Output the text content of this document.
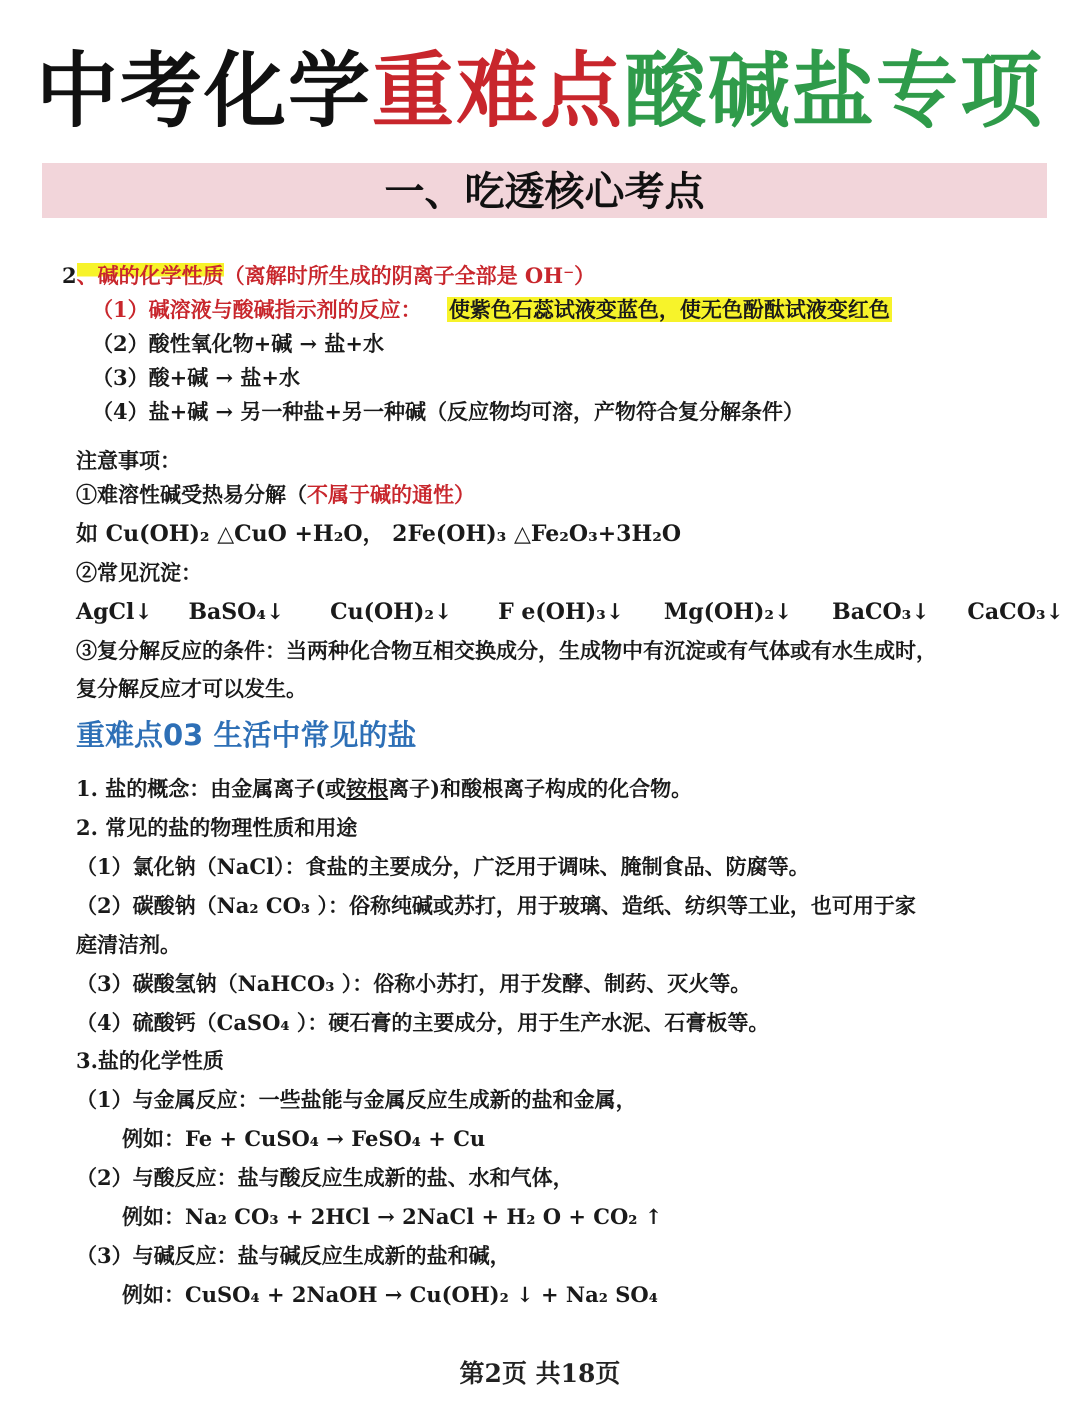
中考化学重难点酸碱盐专项
一、吃透核心考点
2、碱的化学性质（离解时所生成的阴离子全部是 OH⁻）
（1）碱溶液与酸碱指示剂的反应： 使紫色石蕊试液变蓝色，使无色酚酞试液变红色
（2）酸性氧化物+碱 → 盐+水
（3）酸+碱 → 盐+水
（4）盐+碱 → 另一种盐+另一种碱（反应物均可溶，产物符合复分解条件）
注意事项：
①难溶性碱受热易分解（不属于碱的通性）
如 Cu(OH)₂ △CuO +H₂O， 2Fe(OH)₃ △Fe₂O₃+3H₂O
②常见沉淀：
AgCl↓ BaSO₄↓ Cu(OH)₂↓ F e(OH)₃↓ Mg(OH)₂↓ BaCO₃↓ CaCO₃↓
③复分解反应的条件：当两种化合物互相交换成分，生成物中有沉淀或有气体或有水生成时，
复分解反应才可以发生。
重难点03 生活中常见的盐
1. 盐的概念：由金属离子(或铵根离子)和酸根离子构成的化合物。
2. 常见的盐的物理性质和用途
（1）氯化钠（NaCl）：食盐的主要成分，广泛用于调味、腌制食品、防腐等。
（2）碳酸钠（Na₂ CO₃ ）：俗称纯碱或苏打，用于玻璃、造纸、纺织等工业，也可用于家
庭清洁剂。
（3）碳酸氢钠（NaHCO₃ ）：俗称小苏打，用于发酵、制药、灭火等。
（4）硫酸钙（CaSO₄ ）：硬石膏的主要成分，用于生产水泥、石膏板等。
3.盐的化学性质
（1）与金属反应：一些盐能与金属反应生成新的盐和金属，
例如：Fe + CuSO₄ → FeSO₄ + Cu
（2）与酸反应：盐与酸反应生成新的盐、水和气体，
例如：Na₂ CO₃ + 2HCl → 2NaCl + H₂ O + CO₂ ↑
（3）与碱反应：盐与碱反应生成新的盐和碱，
例如：CuSO₄ + 2NaOH → Cu(OH)₂ ↓ + Na₂ SO₄
第2页 共18页
